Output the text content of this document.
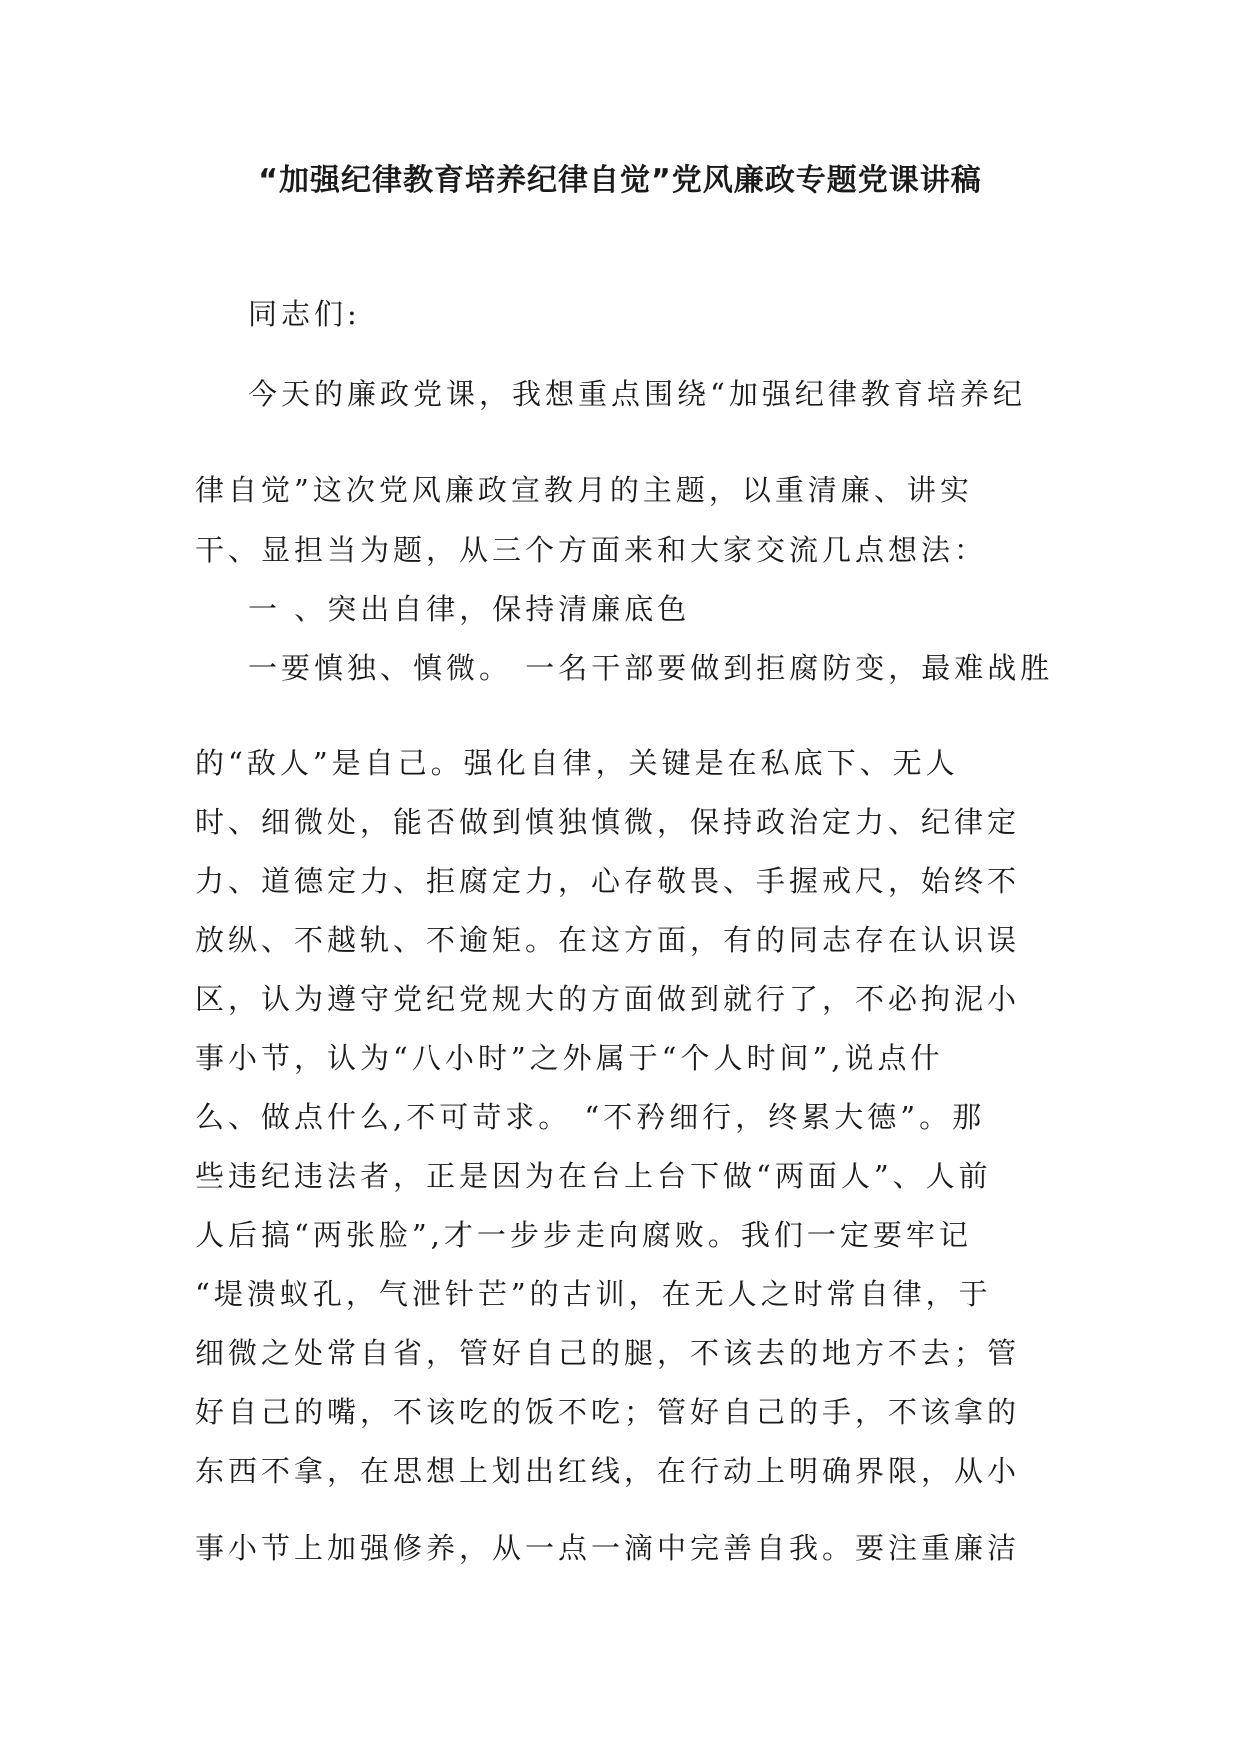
“加强纪律教育培养纪律自觉”党风廉政专题党课讲稿
同志们:
今天的廉政党课，我想重点围绕“加强纪律教育培养纪
律自觉”这次党风廉政宣教月的主题，以重清廉、讲实
干、显担当为题，从三个方面来和大家交流几点想法：
一 、突出自律，保持清廉底色
一要慎独、慎微。 一名干部要做到拒腐防变，最难战胜
的“敌人”是自己。强化自律，关键是在私底下、无人
时、细微处，能否做到慎独慎微，保持政治定力、纪律定
力、道德定力、拒腐定力，心存敬畏、手握戒尺，始终不
放纵、不越轨、不逾矩。在这方面，有的同志存在认识误
区，认为遵守党纪党规大的方面做到就行了，不必拘泥小
事小节，认为“八小时”之外属于“个人时间”,说点什
么、做点什么,不可苛求。 “不矜细行，终累大德”。那
些违纪违法者，正是因为在台上台下做“两面人”、人前
人后搞“两张脸”,才一步步走向腐败。我们一定要牢记
“堤溃蚁孔，气泄针芒”的古训，在无人之时常自律，于
细微之处常自省，管好自己的腿，不该去的地方不去；管
好自己的嘴，不该吃的饭不吃；管好自己的手，不该拿的
东西不拿，在思想上划出红线，在行动上明确界限，从小
事小节上加强修养，从一点一滴中完善自我。要注重廉洁
